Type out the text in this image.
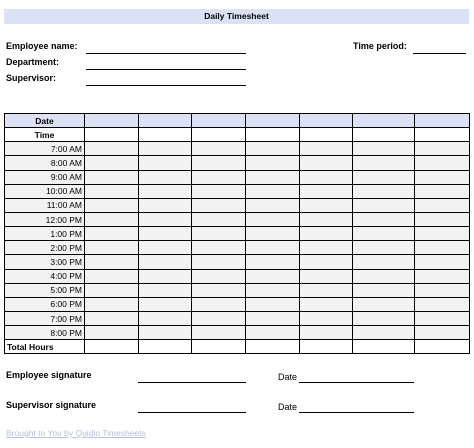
Daily Timesheet
Employee name:	Time period:
Department:
Supervisor:
Date							
Time							
7:00 AM							
8:00 AM							
9:00 AM							
10:00 AM							
11:00 AM							
12:00 PM							
1:00 PM							
2:00 PM							
3:00 PM							
4:00 PM							
5:00 PM							
6:00 PM							
7:00 PM							
8:00 PM							
Total Hours							
Employee signature	Date
Supervisor signature	Date
Brought to You by Quidlo Timesheets
